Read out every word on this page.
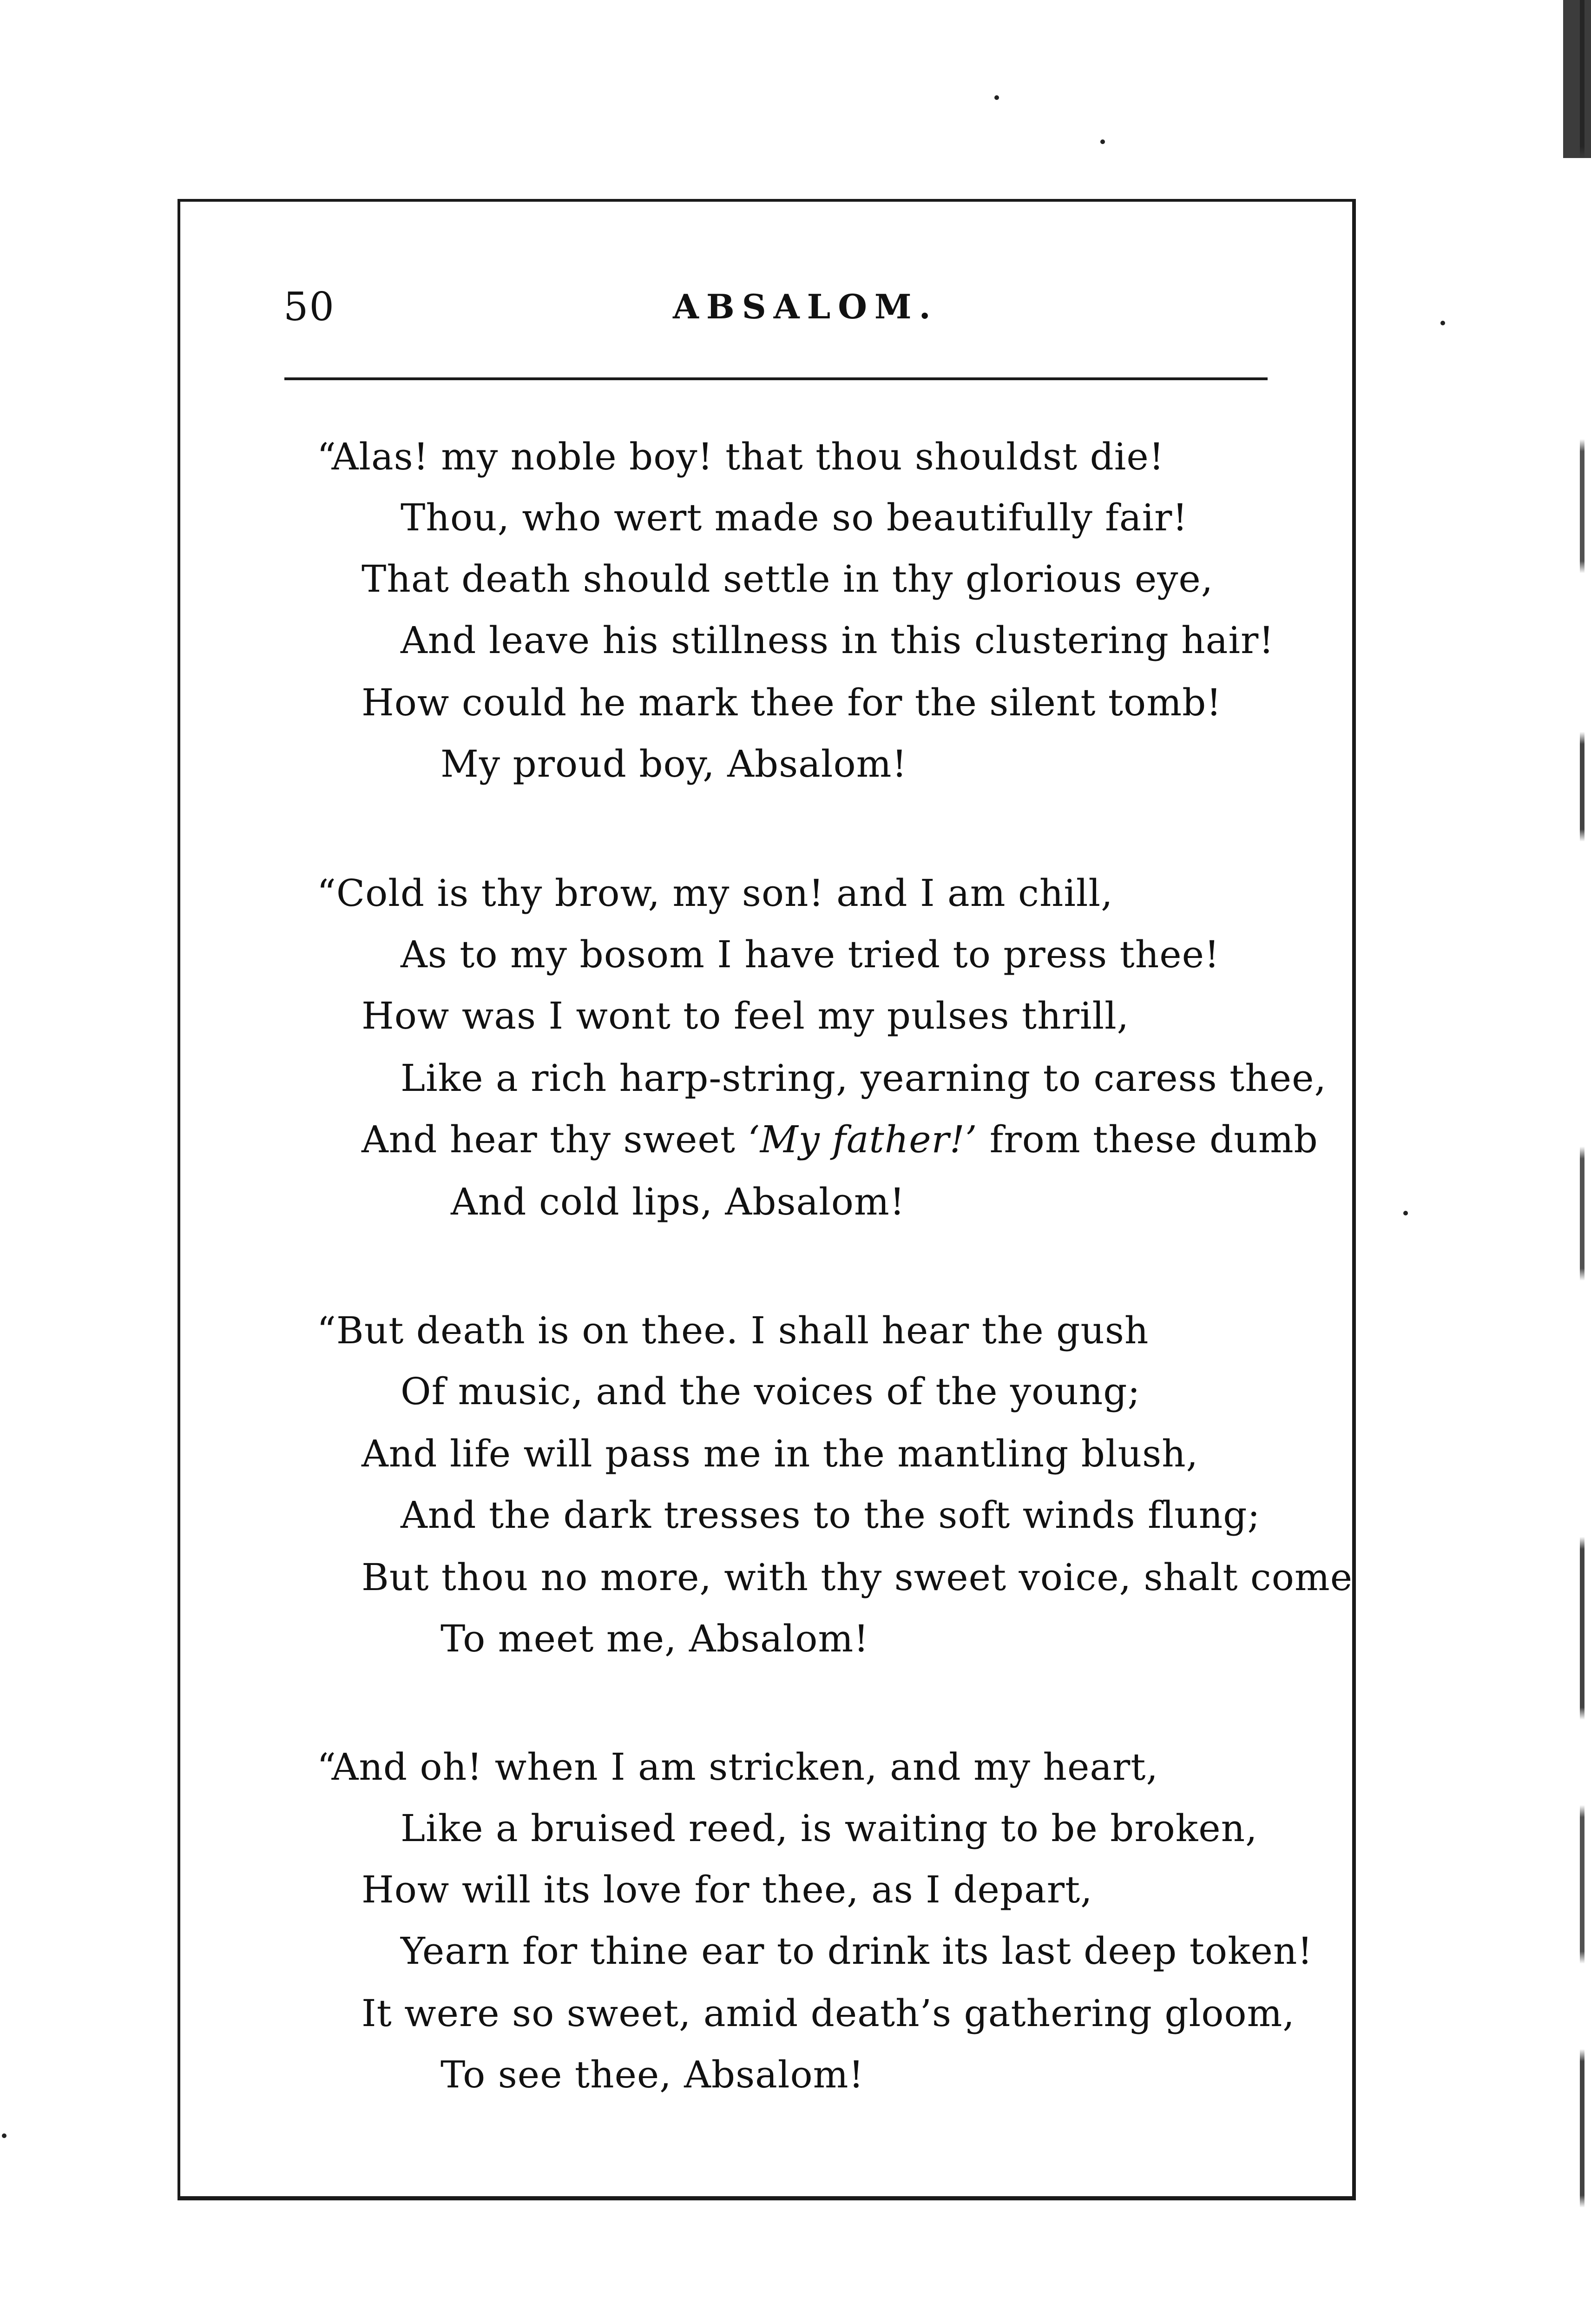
50	ABSALOM.
“Alas! my noble boy! that thou shouldst die!
Thou, who wert made so beautifully fair!
That death should settle in thy glorious eye,
And leave his stillness in this clustering hair!
How could he mark thee for the silent tomb!
My proud boy, Absalom!
“Cold is thy brow, my son! and I am chill,
As to my bosom I have tried to press thee!
How was I wont to feel my pulses thrill,
Like a rich harp-string, yearning to caress thee,
And hear thy sweet ‘My father!’ from these dumb
And cold lips, Absalom!
“But death is on thee. I shall hear the gush
Of music, and the voices of the young;
And life will pass me in the mantling blush,
And the dark tresses to the soft winds flung;
But thou no more, with thy sweet voice, shalt come
To meet me, Absalom!
“And oh! when I am stricken, and my heart,
Like a bruised reed, is waiting to be broken,
How will its love for thee, as I depart,
Yearn for thine ear to drink its last deep token!
It were so sweet, amid death’s gathering gloom,
To see thee, Absalom!
